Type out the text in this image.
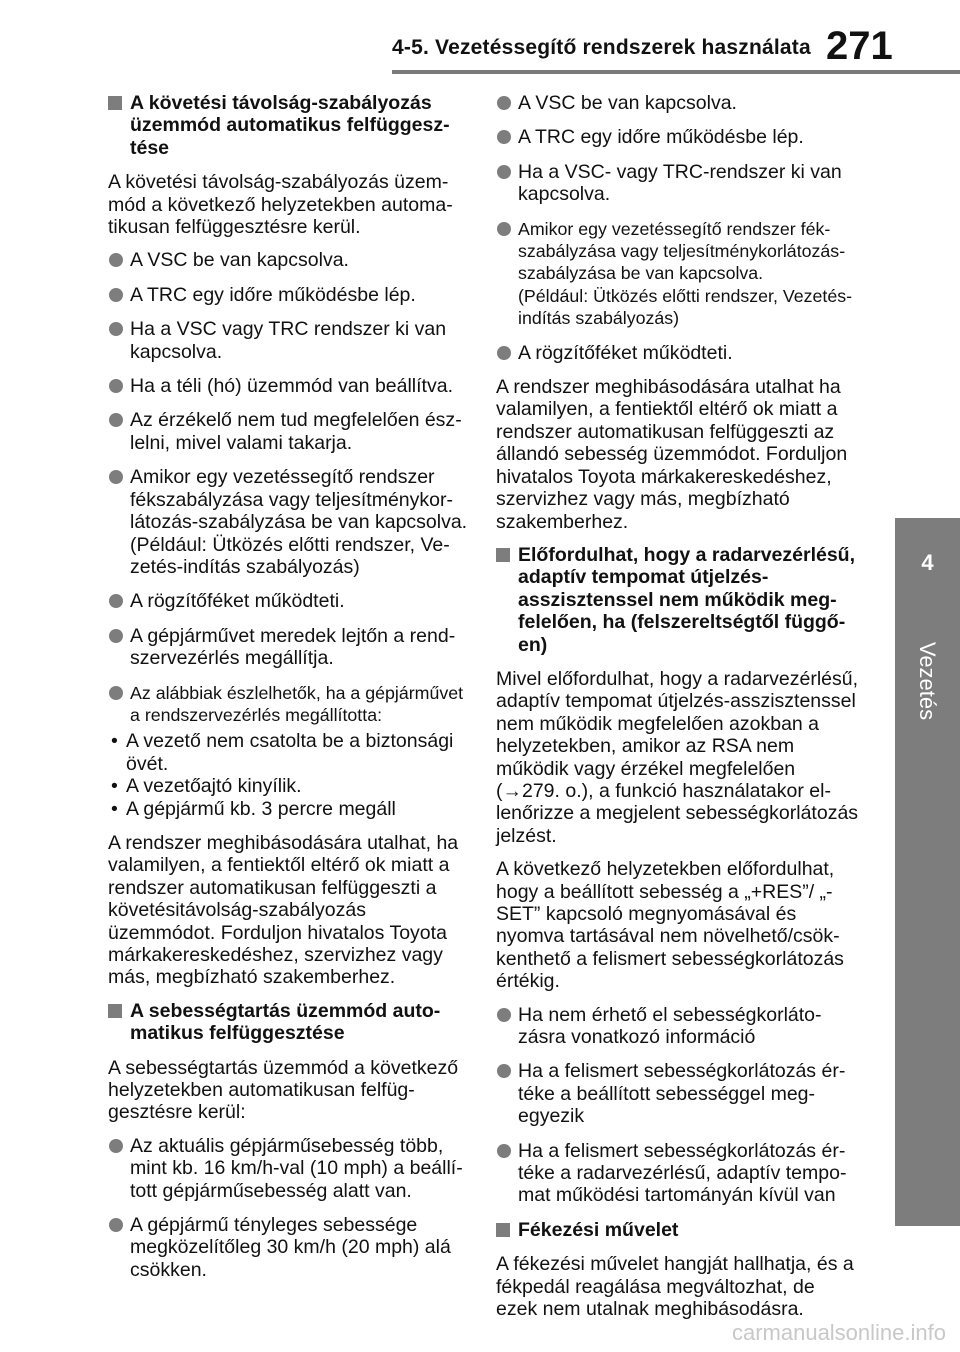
4-5. Vezetéssegítő rendszerek használata 271
4
Vezetés
A követési távolság-szabályozás üzemmód automatikus felfüggesztése
A követési távolság-szabályozás üzemmód a következő helyzetekben automatikusan felfüggesztésre kerül.
A VSC be van kapcsolva.
A TRC egy időre működésbe lép.
Ha a VSC vagy TRC rendszer ki van kapcsolva.
Ha a téli (hó) üzemmód van beállítva.
Az érzékelő nem tud megfelelően észlelni, mivel valami takarja.
Amikor egy vezetéssegítő rendszer fékszabályzása vagy teljesítménykorlátozás-szabályzása be van kapcsolva.
(Például: Ütközés előtti rendszer, Vezetés-indítás szabályozás)
A rögzítőféket működteti.
A gépjárművet meredek lejtőn a rendszervezérlés megállítja.
Az alábbiak észlelhetők, ha a gépjárművet a rendszervezérlés megállította:
• A vezető nem csatolta be a biztonsági övét.
• A vezetőajtó kinyílik.
• A gépjármű kb. 3 percre megáll
A rendszer meghibásodására utalhat, ha valamilyen, a fentiektől eltérő ok miatt a rendszer automatikusan felfüggeszti a követésitávolság-szabályozás üzemmódot. Forduljon hivatalos Toyota márkakereskedéshez, szervizhez vagy más, megbízható szakemberhez.
A sebességtartás üzemmód automatikus felfüggesztése
A sebességtartás üzemmód a következő helyzetekben automatikusan felfüggesztésre kerül:
Az aktuális gépjárműsebesség több, mint kb. 16 km/h-val (10 mph) a beállított gépjárműsebesség alatt van.
A gépjármű tényleges sebessége megközelítőleg 30 km/h (20 mph) alá csökken.
A VSC be van kapcsolva.
A TRC egy időre működésbe lép.
Ha a VSC- vagy TRC-rendszer ki van kapcsolva.
Amikor egy vezetéssegítő rendszer fékszabályzása vagy teljesítménykorlátozás-szabályzása be van kapcsolva.
(Például: Ütközés előtti rendszer, Vezetés-indítás szabályozás)
A rögzítőféket működteti.
A rendszer meghibásodására utalhat ha valamilyen, a fentiektől eltérő ok miatt a rendszer automatikusan felfüggeszti az állandó sebesség üzemmódot. Forduljon hivatalos Toyota márkakereskedéshez, szervizhez vagy más, megbízható szakemberhez.
Előfordulhat, hogy a radarvezérlésű, adaptív tempomat útjelzésasszisztenssel nem működik megfelelően, ha (felszereltségtől függően)
Mivel előfordulhat, hogy a radarvezérlésű, adaptív tempomat útjelzés-asszisztenssel nem működik megfelelően azokban a helyzetekben, amikor az RSA nem működik vagy érzékel megfelelően (→279. o.), a funkció használatakor ellenőrizze a megjelent sebességkorlátozás jelzést.
A következő helyzetekben előfordulhat, hogy a beállított sebesség a „+RES”/ „-SET” kapcsoló megnyomásával és nyomva tartásával nem növelhető/csökkenthető a felismert sebességkorlátozás értékig.
Ha nem érhető el sebességkorlátozásra vonatkozó információ
Ha a felismert sebességkorlátozás értéke a beállított sebességgel megegyezik
Ha a felismert sebességkorlátozás értéke a radarvezérlésű, adaptív tempomat működési tartományán kívül van
Fékezési művelet
A fékezési művelet hangját hallhatja, és a fékpedál reagálása megváltozhat, de ezek nem utalnak meghibásodásra.
carmanualsonline.info
